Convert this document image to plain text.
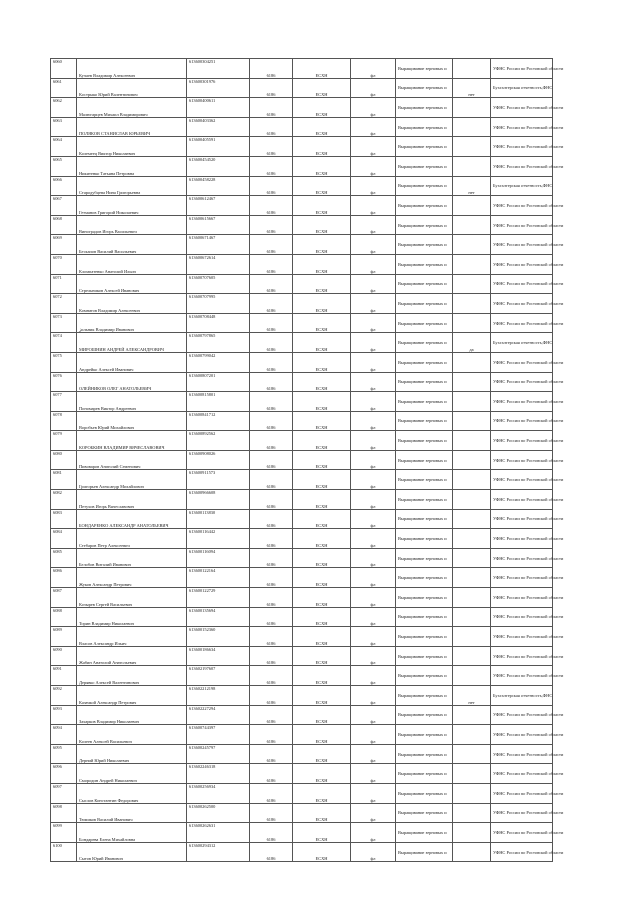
6060	Кучаев Владимир Алексеевич	613600304251	6186	ЕСХН	фл	Выращивание зерновых и		УФНС России по Ростовской области
6061	Кострыко Юрий Валентинович	613600301976	6186	ЕСХН	фл	Выращивание зерновых и	нет	Бухгалтерская отчетность,ФНС
6062	Малюгарцев Михаил Владимирович	613600400611	6186	ЕСХН	фл	Выращивание зерновых и		УФНС России по Ростовской области
6063	ПОЛЯКОВ СТАНИСЛАВ ЮРЬЕВИЧ	613600403362	6186	ЕСХН	фл	Выращивание зерновых и		УФНС России по Ростовской области
6064	Колемеец Виктор Николаевич	613600405591	6186	ЕСХН	фл	Выращивание зерновых и		УФНС России по Ростовской области
6065	Никитенко Татьяна Петровна	613600454520	6186	ЕСХН	фл	Выращивание зерновых и		УФНС России по Ростовской области
6066	Стародубцева Нина Григорьевна	613600458228	6186	ЕСХН	фл	Выращивание зерновых и	нет	Бухгалтерская отчетность,ФНС
6067	Гетманов Григорий Николаевич	613600612467	6186	ЕСХН	фл	Выращивание зерновых и		УФНС России по Ростовской области
6068	Виноградов Игорь Васильевич	613600615667	6186	ЕСХН	фл	Выращивание зерновых и		УФНС России по Ростовской области
6069	Бескапов Василий Васильевич	613600671467	6186	ЕСХН	фл	Выращивание зерновых и		УФНС России по Ростовской области
6070	Кломпатенко Анатолий Ильич	613600672614	6186	ЕСХН	фл	Выращивание зерновых и		УФНС России по Ростовской области
6071	Стрельников Алексей Иванович	613600707605	6186	ЕСХН	фл	Выращивание зерновых и		УФНС России по Ростовской области
6072	Комнатов Владимир Алексеевич	613600707995	6186	ЕСХН	фл	Выращивание зерновых и		УФНС России по Ростовской области
6073	زильник Владимир Иванович	613600708448	6186	ЕСХН	фл	Выращивание зерновых и		УФНС России по Ростовской области
6074	МИРОШНИН АНДРЕЙ АЛЕКСАНДРОВИЧ	613600797865	6186	ЕСХН	фл	Выращивание зерновых и	да	Бухгалтерская отчетность,ФНС
6075	Андрейко Алексей Иванович	613600799042	6186	ЕСХН	фл	Выращивание зерновых и		УФНС России по Ростовской области
6076	ОЛЕЙНИКОВ ОЛЕГ АНАТОЛЬЕВИЧ	613600807201	6186	ЕСХН	фл	Выращивание зерновых и		УФНС России по Ростовской области
6077	Пономарев Виктор Андреевич	613600815801	6186	ЕСХН	фл	Выращивание зерновых и		УФНС России по Ростовской области
6078	Воробьев Юрий Михайлович	613600841712	6186	ЕСХН	фл	Выращивание зерновых и		УФНС России по Ростовской области
6079	КОРОБКИН ВЛАДИМИР ВЯЧЕСЛАВОВИЧ	613600892562	6186	ЕСХН	фл	Выращивание зерновых и		УФНС России по Ростовской области
6080	Пивоваров Анатолий Семенович	613600908026	6186	ЕСХН	фл	Выращивание зерновых и		УФНС России по Ростовской области
6081	Григорьев Александр Михайлович	613600911573	6186	ЕСХН	фл	Выращивание зерновых и		УФНС России по Ростовской области
6082	Петухов Игорь Вячеславович	613600966608	6186	ЕСХН	фл	Выращивание зерновых и		УФНС России по Ростовской области
6083	БОНДАРЕНКО АЛЕКСАНДР АНАТОЛЬЕВИЧ	613600113830	6186	ЕСХН	фл	Выращивание зерновых и		УФНС России по Ростовской области
6084	Стебаров Петр Алексеевич	613600116442	6186	ЕСХН	фл	Выращивание зерновых и		УФНС России по Ростовской области
6085	Белобов Виталий Иванович	613600116094	6186	ЕСХН	фл	Выращивание зерновых и		УФНС России по Ростовской области
6086	Жуков Александр Петрович	613600122164	6186	ЕСХН	фл	Выращивание зерновых и		УФНС России по Ростовской области
6087	Козырев Сергей Васильевич	613600122729	6186	ЕСХН	фл	Выращивание зерновых и		УФНС России по Ростовской области
6088	Торин Владимир Николаевич	613600135694	6186	ЕСХН	фл	Выращивание зерновых и		УФНС России по Ростовской области
6089	Власов Александр Ильич	613600152360	6186	ЕСХН	фл	Выращивание зерновых и		УФНС России по Ростовской области
6090	Жабин Анатолий Анатольевич	613600186634	6186	ЕСХН	фл	Выращивание зерновых и		УФНС России по Ростовской области
6091	Дерявко Алексей Валентинович	613602197607	6186	ЕСХН	фл	Выращивание зерновых и		УФНС России по Ростовской области
6092	Казачкой Александр Петрович	613602212198	6186	ЕСХН	фл	Выращивание зерновых и	нет	Бухгалтерская отчетность,ФНС
6093	Захарков Владимир Николаевич	613602227294	6186	ЕСХН	фл	Выращивание зерновых и		УФНС России по Ростовской области
6094	Колеев Алексей Васильевич	613600744397	6186	ЕСХН	фл	Выращивание зерновых и		УФНС России по Ростовской области
6095	Дерний Юрий Николаевич	613600245797	6186	ЕСХН	фл	Выращивание зерновых и		УФНС России по Ростовской области
6096	Смородин Андрей Николаевич	613602246318	6186	ЕСХН	фл	Выращивание зерновых и		УФНС России по Ростовской области
6097	Сыслов Константин Федорович	613600256934	6186	ЕСХН	фл	Выращивание зерновых и		УФНС России по Ростовской области
6098	Тюмиков Василий Иванович	613600262500	6186	ЕСХН	фл	Выращивание зерновых и		УФНС России по Ростовской области
6099	Бондарева Елена Михайловна	613600262631	6186	ЕСХН	фл	Выращивание зерновых и		УФНС России по Ростовской области
6100	Сытов Юрий Иванович	613600294312	6186	ЕСХН	фл	Выращивание зерновых и		УФНС России по Ростовской области
